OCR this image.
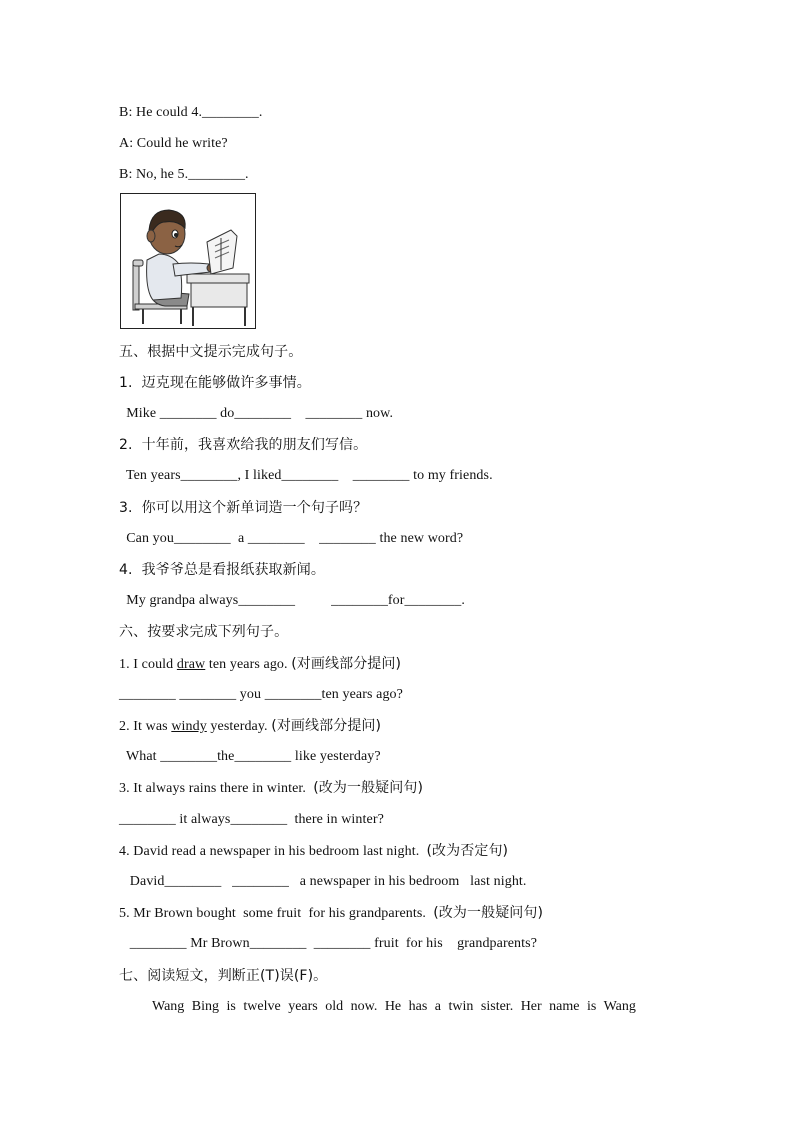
B: He could 4.________.
A: Could he write?
B: No, he 5.________.
五、根据中文提示完成句子。
1.  迈克现在能够做许多事情。
Mike ________ do________    ________ now.
2.  十年前，我喜欢给我的朋友们写信。
Ten years________, I liked________    ________ to my friends.
3.  你可以用这个新单词造一个句子吗？
Can you________  a ________    ________ the new word?
4.  我爷爷总是看报纸获取新闻。
My grandpa always________          ________for________.
六、按要求完成下列句子。
1. I could draw ten years ago. (对画线部分提问)
________ ________ you ________ten years ago?
2. It was windy yesterday. (对画线部分提问)
What ________the________ like yesterday?
3. It always rains there in winter.  (改为一般疑问句)
________ it always________  there in winter?
4. David read a newspaper in his bedroom last night.  (改为否定句)
David________   ________   a newspaper in his bedroom   last night.
5. Mr Brown bought  some fruit  for his grandparents.  (改为一般疑问句)
________ Mr Brown________  ________ fruit  for his    grandparents?
七、阅读短文，判断正(T)误(F)。
Wang Bing is twelve years old now. He has a twin sister. Her name is Wang
